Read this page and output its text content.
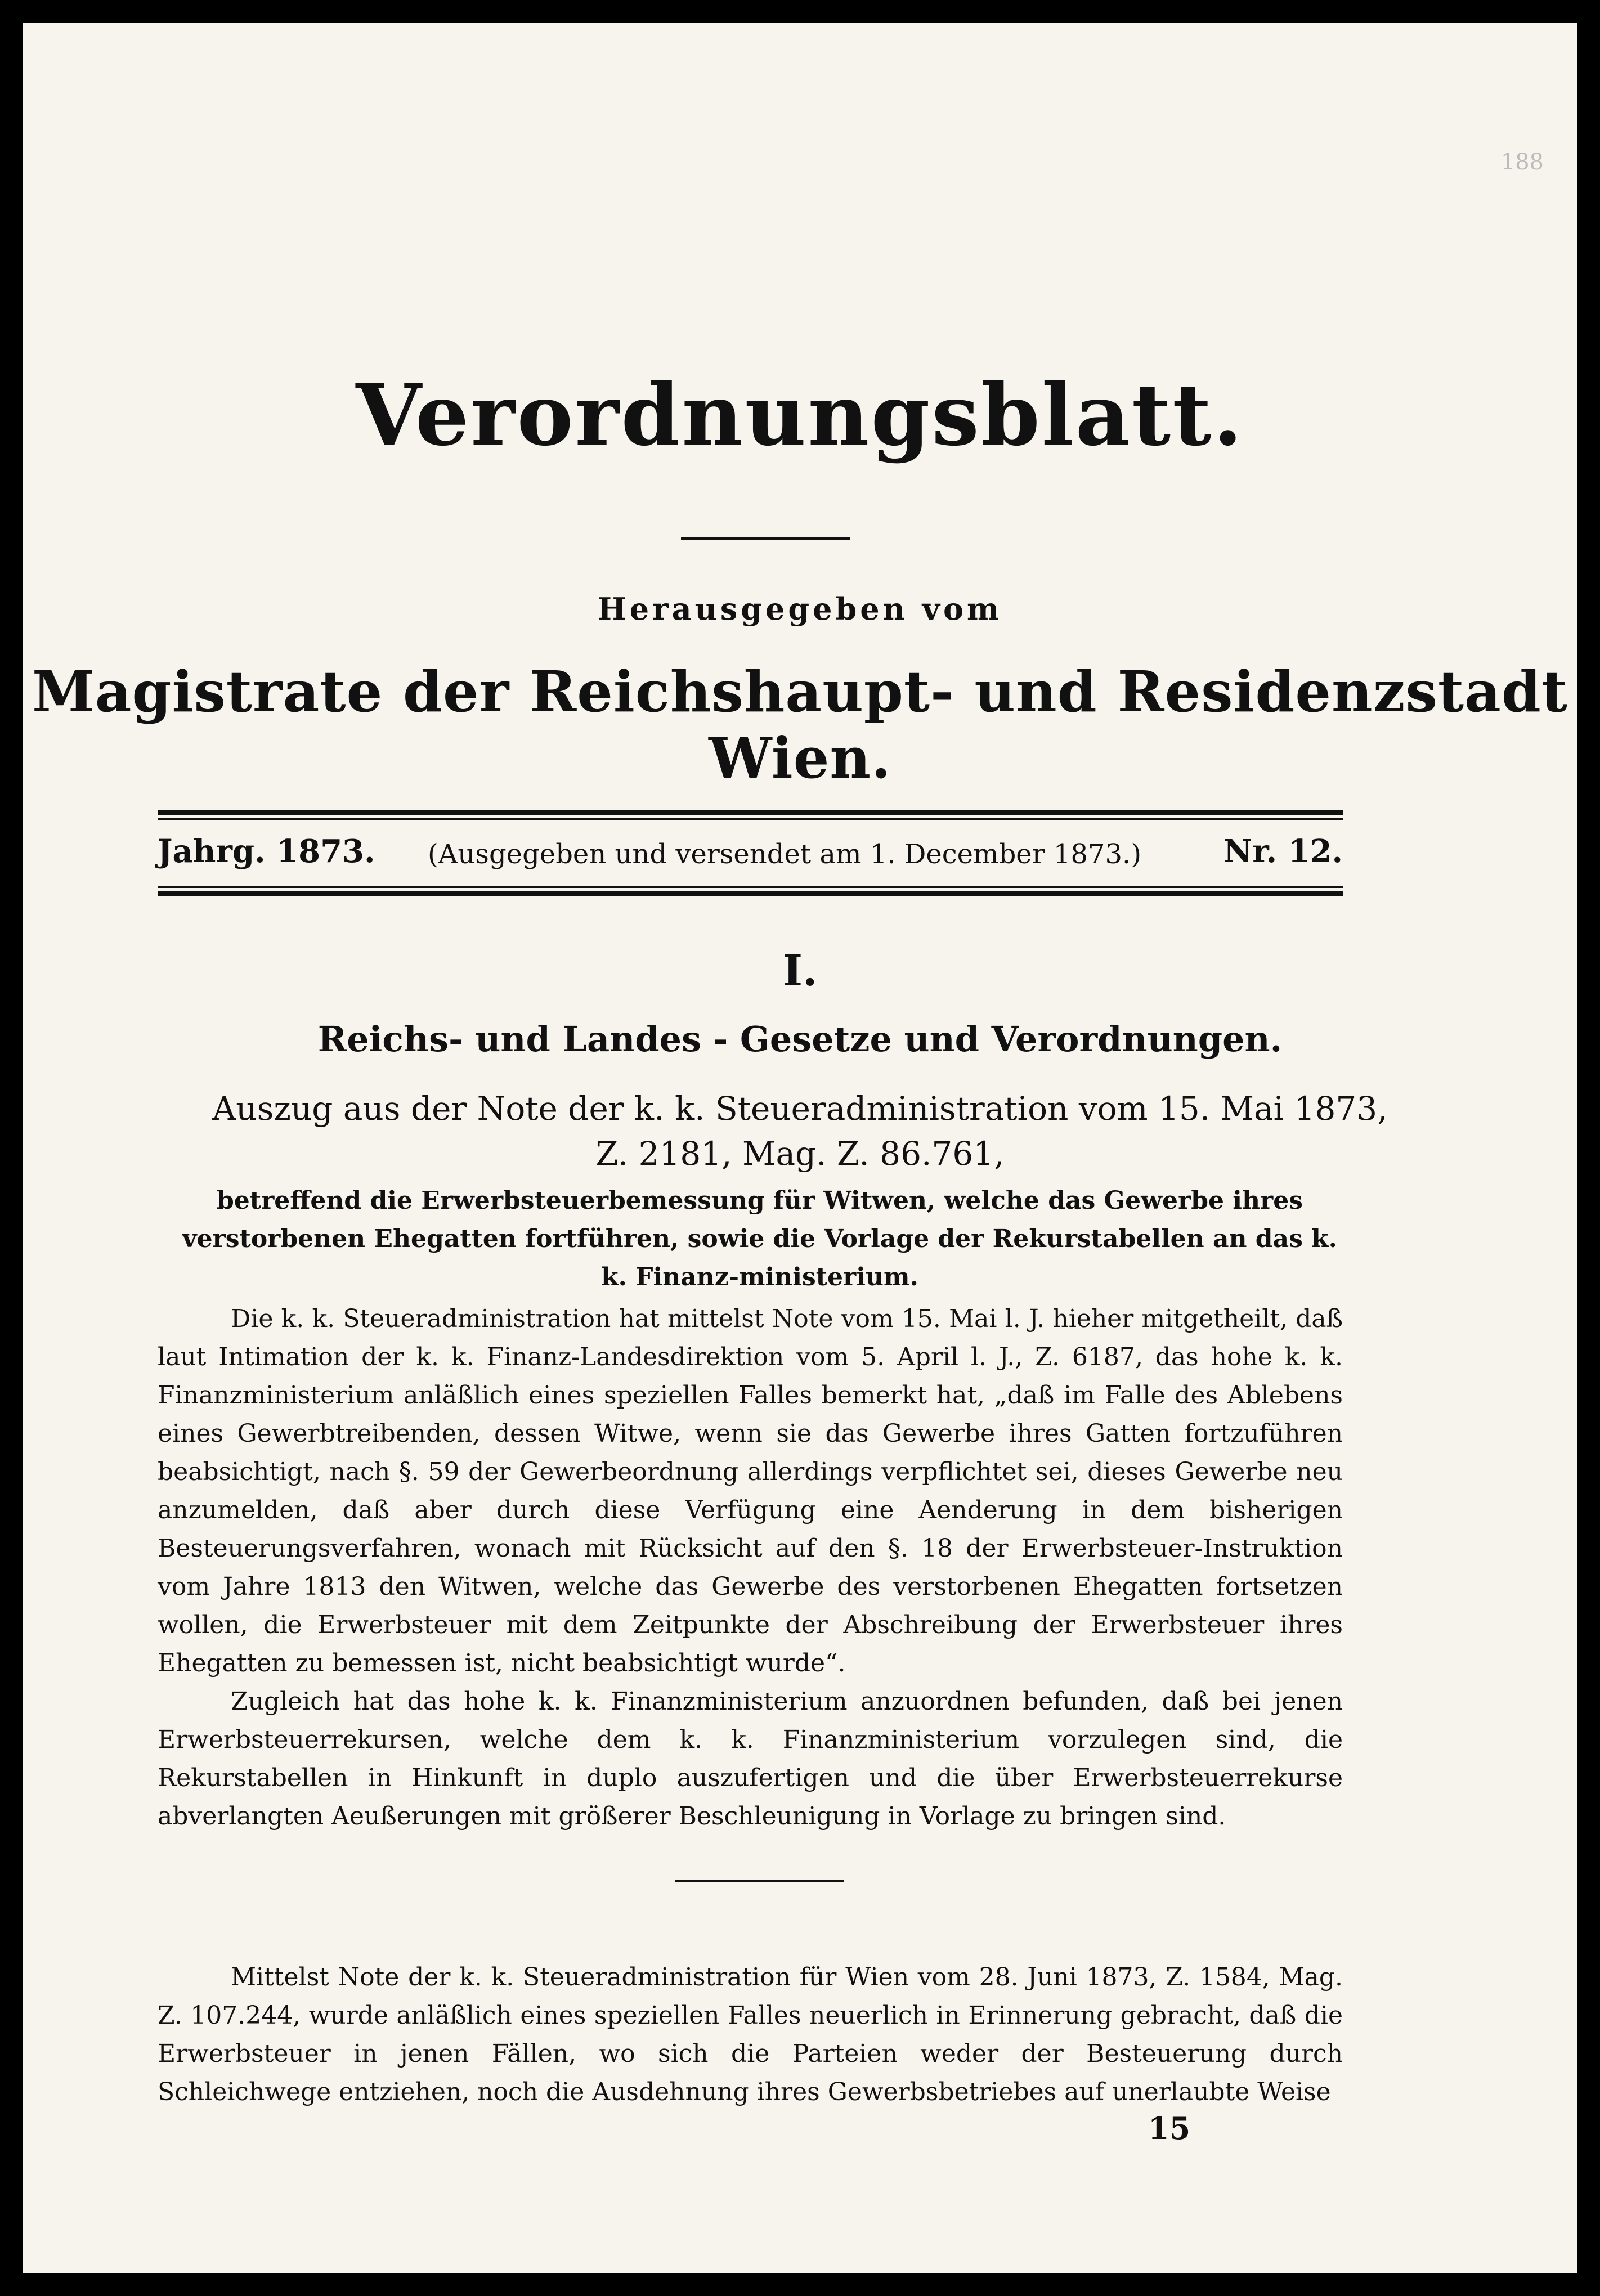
188
Verordnungsblatt.
Herausgegeben vom
Magistrate der Reichshaupt- und Residenzstadt Wien.
Jahrg. 1873. (Ausgegeben und versendet am 1. December 1873.)	Nr. 12.
I.
Reichs- und Landes - Gesetze und Verordnungen.
Auszug aus der Note der k. k. Steueradministration vom 15. Mai 1873,
Z. 2181, Mag. Z. 86.761,
betreffend die Erwerbsteuerbemessung für Witwen, welche das Gewerbe ihres verstorbenen Ehegatten fortführen, sowie die Vorlage der Rekurstabellen an das k. k. Finanz-ministerium.

Die k. k. Steueradministration hat mittelst Note vom 15. Mai l. J. hieher mitgetheilt, daß laut Intimation der k. k. Finanz-Landesdirektion vom 5. April l. J., Z. 6187, das hohe k. k. Finanzministerium anläßlich eines speziellen Falles bemerkt hat, „daß im Falle des Ablebens eines Gewerbtreibenden, dessen Witwe, wenn sie das Gewerbe ihres Gatten fortzuführen beabsichtigt, nach §. 59 der Gewerbeordnung allerdings verpflichtet sei, dieses Gewerbe neu anzumelden, daß aber durch diese Verfügung eine Aenderung in dem bisherigen Besteuerungsverfahren, wonach mit Rücksicht auf den §. 18 der Erwerbsteuer-Instruktion vom Jahre 1813 den Witwen, welche das Gewerbe des verstorbenen Ehegatten fortsetzen wollen, die Erwerbsteuer mit dem Zeitpunkte der Abschreibung der Erwerbsteuer ihres Ehegatten zu bemessen ist, nicht beabsichtigt wurde“.

Zugleich hat das hohe k. k. Finanzministerium anzuordnen befunden, daß bei jenen Erwerbsteuerrekursen, welche dem k. k. Finanzministerium vorzulegen sind, die Rekurstabellen in Hinkunft in duplo auszufertigen und die über Erwerbsteuerrekurse abverlangten Aeußerungen mit größerer Beschleunigung in Vorlage zu bringen sind.

Mittelst Note der k. k. Steueradministration für Wien vom 28. Juni 1873, Z. 1584, Mag. Z. 107.244, wurde anläßlich eines speziellen Falles neuerlich in Erinnerung gebracht, daß die Erwerbsteuer in jenen Fällen, wo sich die Parteien weder der Besteuerung durch Schleichwege entziehen, noch die Ausdehnung ihres Gewerbsbetriebes auf unerlaubte Weise

15
